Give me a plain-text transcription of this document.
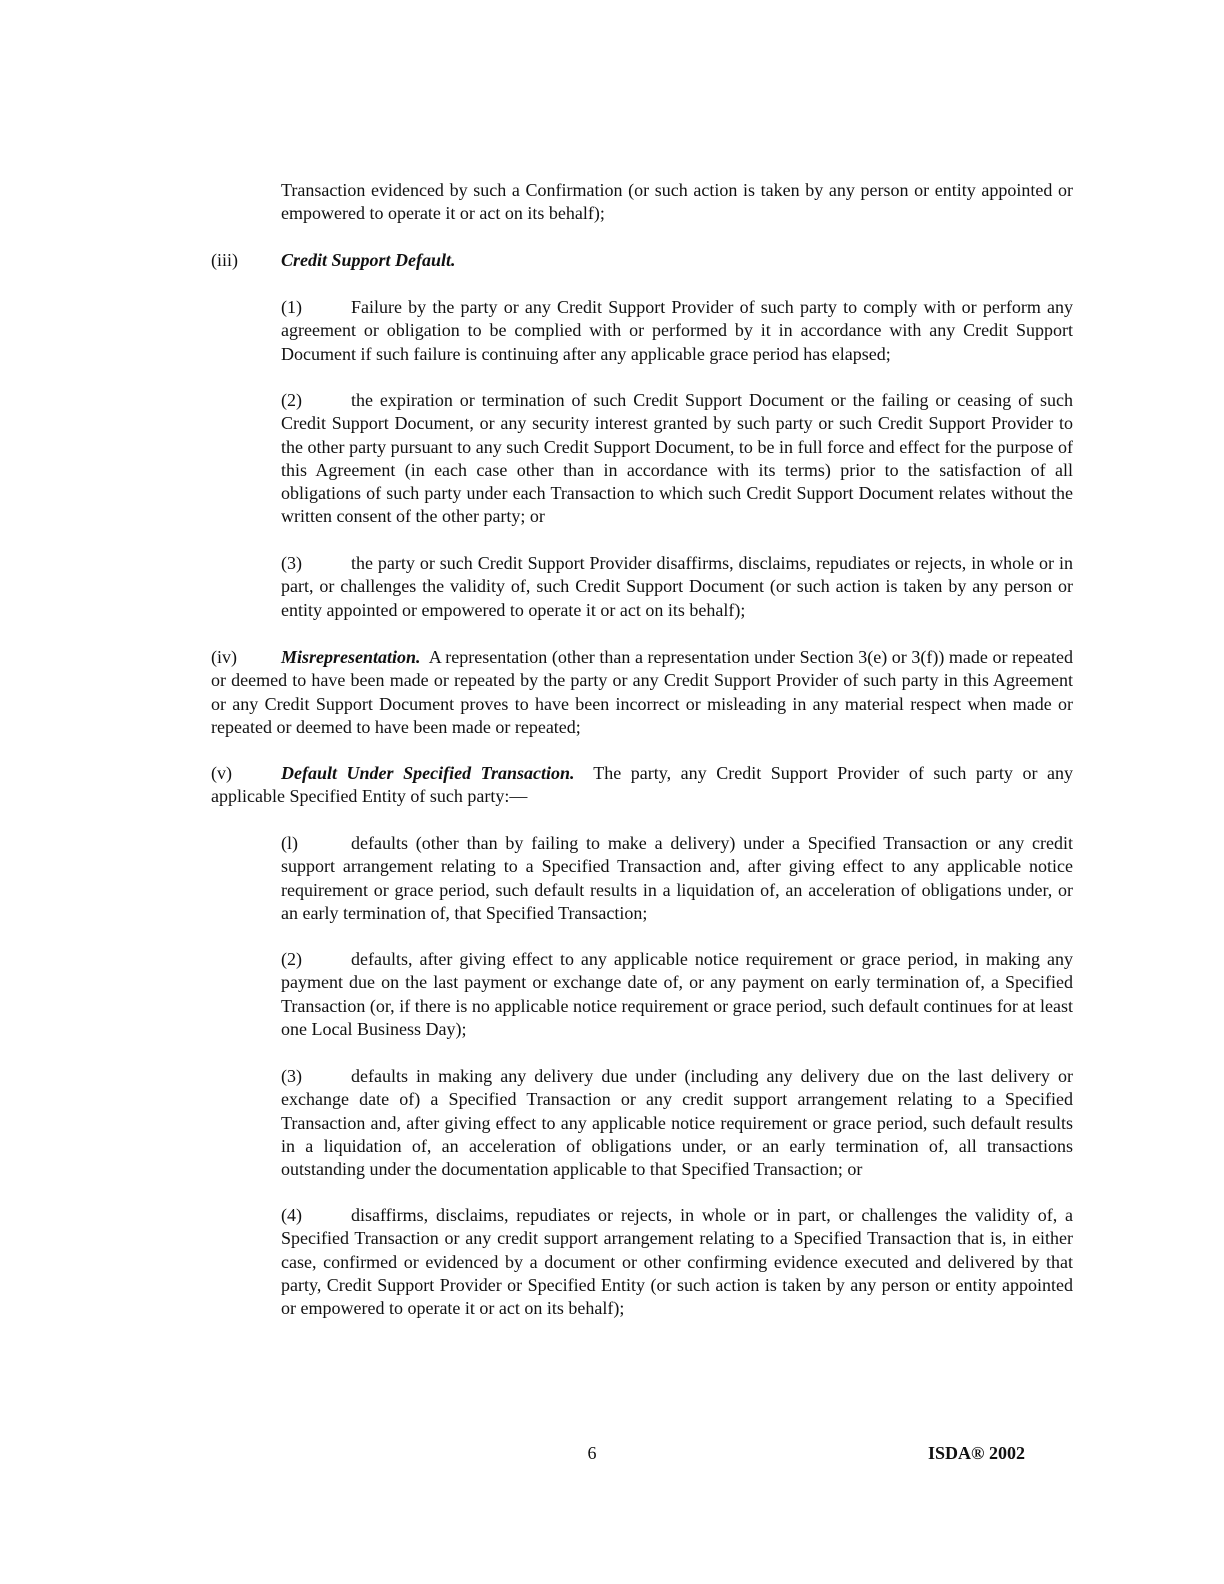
Transaction evidenced by such a Confirmation (or such action is taken by any person or entity appointed or empowered to operate it or act on its behalf);

(iii) Credit Support Default.

(1)	Failure by the party or any Credit Support Provider of such party to comply with or perform any agreement or obligation to be complied with or performed by it in accordance with any Credit Support Document if such failure is continuing after any applicable grace period has elapsed;

(2)	the expiration or termination of such Credit Support Document or the failing or ceasing of such Credit Support Document, or any security interest granted by such party or such Credit Support Provider to the other party pursuant to any such Credit Support Document, to be in full force and effect for the purpose of this Agreement (in each case other than in accordance with its terms) prior to the satisfaction of all obligations of such party under each Transaction to which such Credit Support Document relates without the written consent of the other party; or

(3)	the party or such Credit Support Provider disaffirms, disclaims, repudiates or rejects, in whole or in part, or challenges the validity of, such Credit Support Document (or such action is taken by any person or entity appointed or empowered to operate it or act on its behalf);

(iv) Misrepresentation. A representation (other than a representation under Section 3(e) or 3(f)) made or repeated or deemed to have been made or repeated by the party or any Credit Support Provider of such party in this Agreement or any Credit Support Document proves to have been incorrect or misleading in any material respect when made or repeated or deemed to have been made or repeated;

(v)	Default Under Specified Transaction. The party, any Credit Support Provider of such party or any applicable Specified Entity of such party:—

(l)	defaults (other than by failing to make a delivery) under a Specified Transaction or any credit support arrangement relating to a Specified Transaction and, after giving effect to any applicable notice requirement or grace period, such default results in a liquidation of, an acceleration of obligations under, or an early termination of, that Specified Transaction;

(2)	defaults, after giving effect to any applicable notice requirement or grace period, in making any payment due on the last payment or exchange date of, or any payment on early termination of, a Specified Transaction (or, if there is no applicable notice requirement or grace period, such default continues for at least one Local Business Day);

(3)	defaults in making any delivery due under (including any delivery due on the last delivery or exchange date of) a Specified Transaction or any credit support arrangement relating to a Specified Transaction and, after giving effect to any applicable notice requirement or grace period, such default results in a liquidation of, an acceleration of obligations under, or an early termination of, all transactions outstanding under the documentation applicable to that Specified Transaction; or

(4)	disaffirms, disclaims, repudiates or rejects, in whole or in part, or challenges the validity of, a Specified Transaction or any credit support arrangement relating to a Specified Transaction that is, in either case, confirmed or evidenced by a document or other confirming evidence executed and delivered by that party, Credit Support Provider or Specified Entity (or such action is taken by any person or entity appointed or empowered to operate it or act on its behalf);

6	ISDA® 2002
